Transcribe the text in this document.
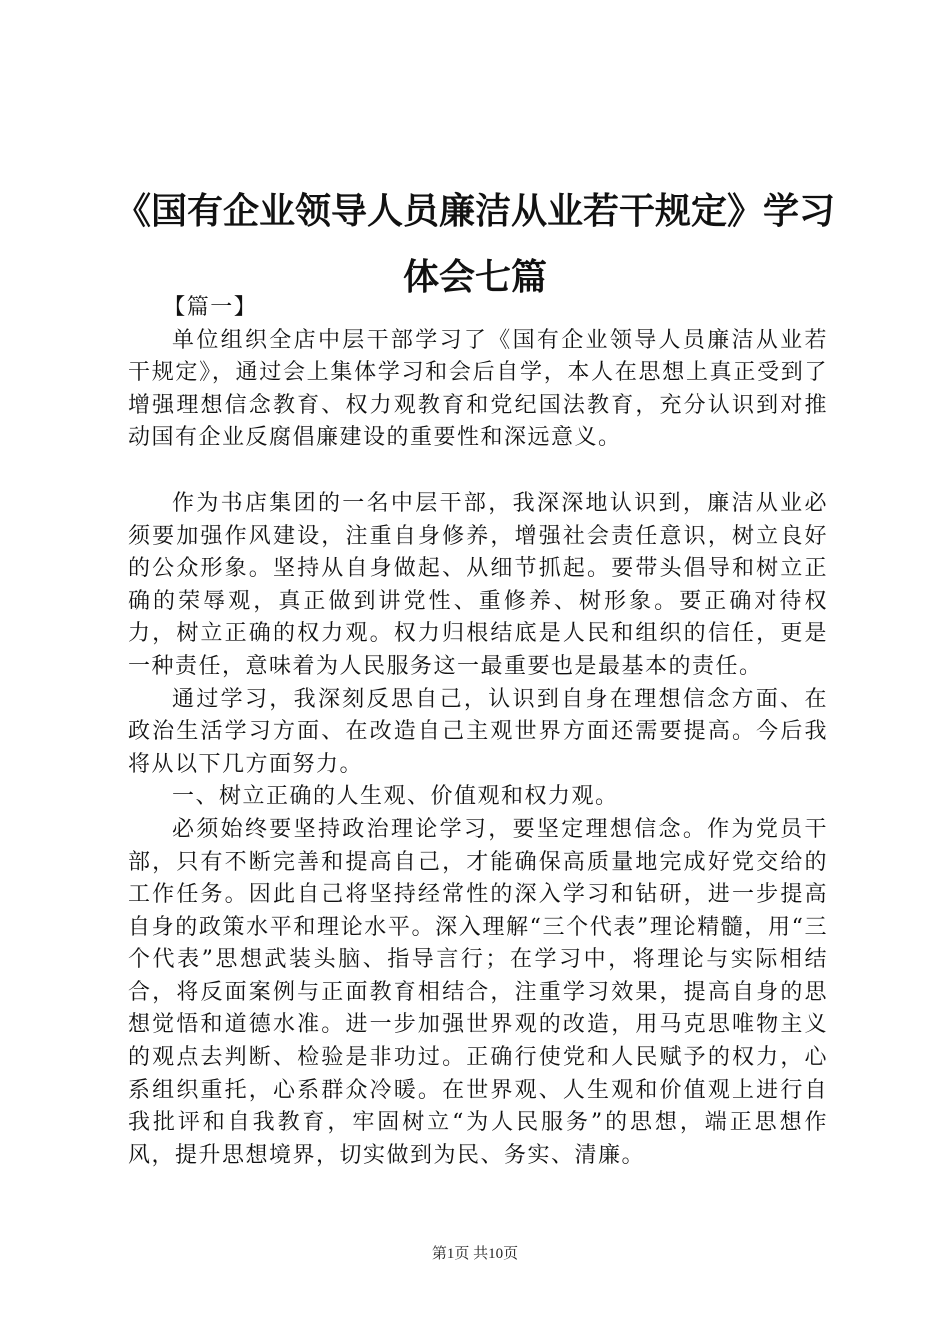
《国有企业领导人员廉洁从业若干规定》学习
体会七篇

【篇一】

单位组织全店中层干部学习了《国有企业领导人员廉洁从业若干规定》，通过会上集体学习和会后自学，本人在思想上真正受到了增强理想信念教育、权力观教育和党纪国法教育，充分认识到对推动国有企业反腐倡廉建设的重要性和深远意义。

作为书店集团的一名中层干部，我深深地认识到，廉洁从业必须要加强作风建设，注重自身修养，增强社会责任意识，树立良好的公众形象。坚持从自身做起、从细节抓起。要带头倡导和树立正确的荣辱观，真正做到讲党性、重修养、树形象。要正确对待权力，树立正确的权力观。权力归根结底是人民和组织的信任，更是一种责任，意味着为人民服务这一最重要也是最基本的责任。

通过学习，我深刻反思自己，认识到自身在理想信念方面、在政治生活学习方面、在改造自己主观世界方面还需要提高。今后我将从以下几方面努力。

一、树立正确的人生观、价值观和权力观。

必须始终要坚持政治理论学习，要坚定理想信念。作为党员干部，只有不断完善和提高自己，才能确保高质量地完成好党交给的工作任务。因此自己将坚持经常性的深入学习和钻研，进一步提高自身的政策水平和理论水平。深入理解“三个代表”理论精髓，用“三个代表”思想武装头脑、指导言行；在学习中，将理论与实际相结合，将反面案例与正面教育相结合，注重学习效果，提高自身的思想觉悟和道德水准。进一步加强世界观的改造，用马克思唯物主义的观点去判断、检验是非功过。正确行使党和人民赋予的权力，心系组织重托，心系群众冷暖。在世界观、人生观和价值观上进行自我批评和自我教育，牢固树立“为人民服务”的思想，端正思想作风，提升思想境界，切实做到为民、务实、清廉。

第1页 共10页
